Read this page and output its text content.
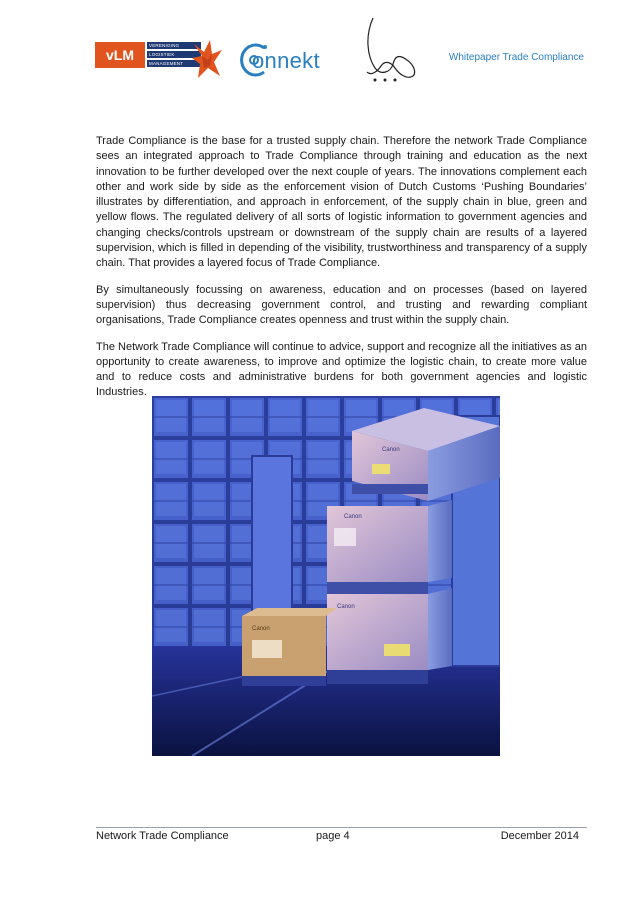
vLM
VERENIGING
LOGISTIEK
MANAGEMENT	onnekt	Whitepaper Trade Compliance

Trade Compliance is the base for a trusted supply chain. Therefore the network Trade Compliance sees an integrated approach to Trade Compliance through training and education as the next innovation to be further developed over the next couple of years. The innovations complement each other and work side by side as the enforcement vision of Dutch Customs ‘Pushing Boundaries’ illustrates by differentiation, and approach in enforcement, of the supply chain in blue, green and yellow flows. The regulated delivery of all sorts of logistic information to government agencies and changing checks/controls upstream or downstream of the supply chain are results of a layered supervision, which is filled in depending of the visibility, trustworthiness and transparency of a supply chain. That provides a layered focus of Trade Compliance.

By simultaneously focussing on awareness, education and on processes (based on layered supervision) thus decreasing government control, and trusting and rewarding compliant organisations, Trade Compliance creates openness and trust within the supply chain.

The Network Trade Compliance will continue to advice, support and recognize all the initiatives as an opportunity to create awareness, to improve and optimize the logistic chain, to create more value and to reduce costs and administrative burdens for both government agencies and logistic Industries.

Canon
Canon
Canon
Canon
Network Trade Compliance	page 4	December 2014
